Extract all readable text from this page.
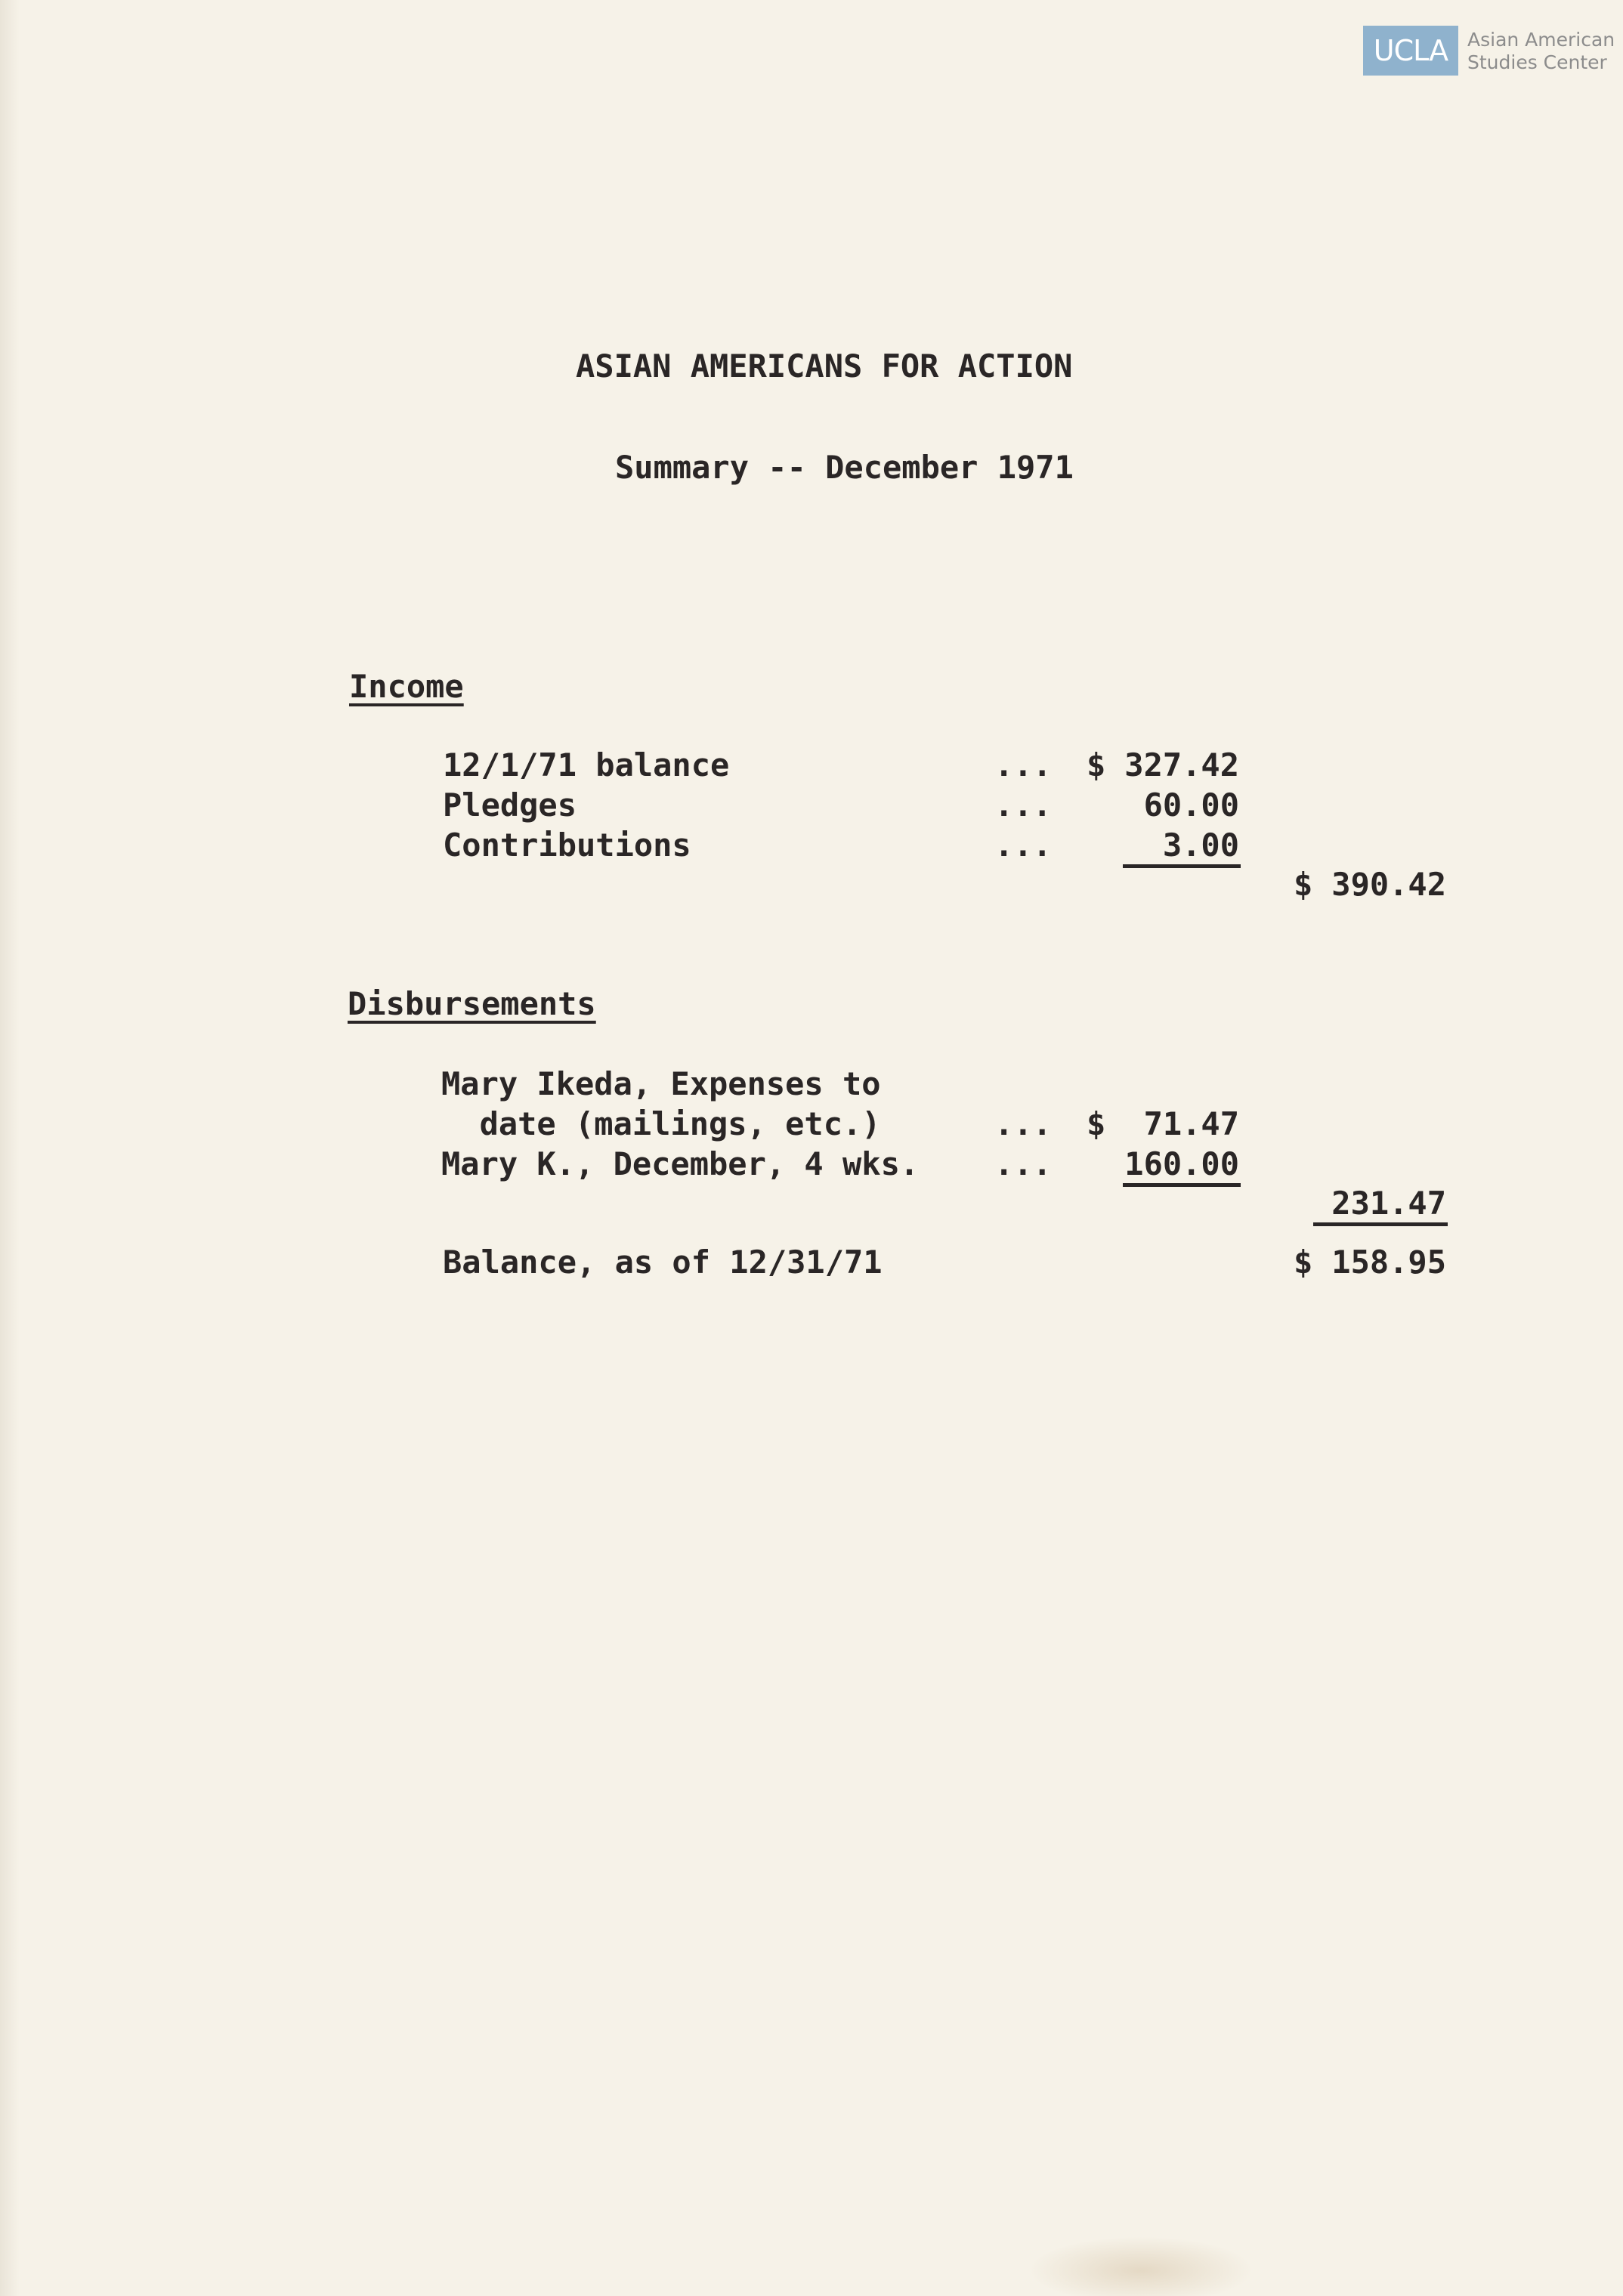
UCLA Asian American
Studies Center
ASIAN AMERICANS FOR ACTION
Summary -- December 1971
Income
12/1/71 balance	... $ 327.42
Pledges	...	60.00
Contributions	...	3.00
$ 390.42
Disbursements
Mary Ikeda, Expenses to
date (mailings, etc.)	... $	71.47
Mary K., December, 4 wks. ... 160.00
231.47
Balance, as of 12/31/71	$ 158.95
